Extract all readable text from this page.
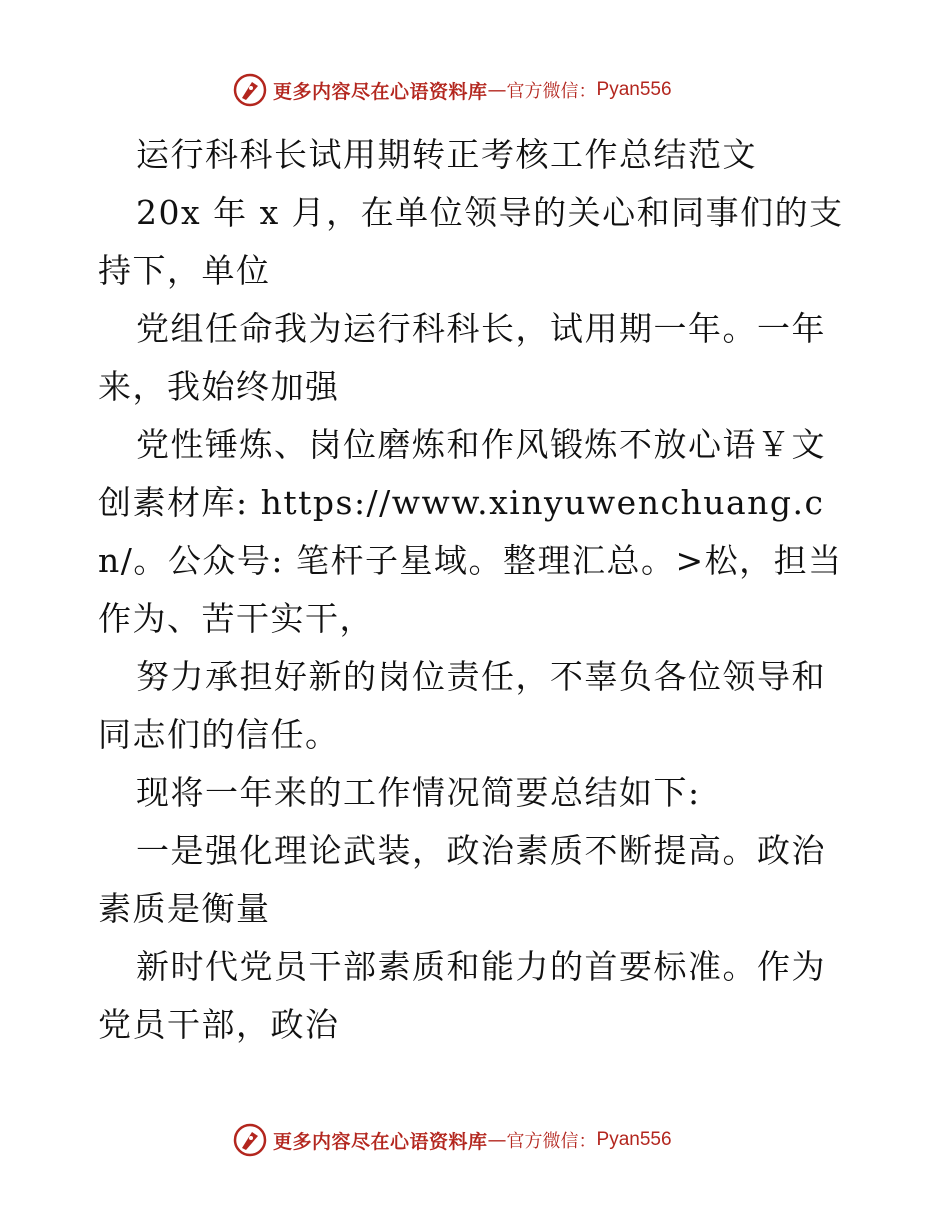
更多内容尽在心语资料库 — 官方微信： Pyan556

运行科科长试用期转正考核工作总结范文

20x 年 x 月，在单位领导的关心和同事们的支持下，单位

党组任命我为运行科科长，试用期一年。一年来，我始终加强

党性锤炼、岗位磨炼和作风锻炼不放心语￥文创素材库: https://www.xinyuwenchuang.cn/。公众号: 笔杆子星域。整理汇总。>松，担当作为、苦干实干，

努力承担好新的岗位责任，不辜负各位领导和同志们的信任。

现将一年来的工作情况简要总结如下:

一是强化理论武装，政治素质不断提高。政治素质是衡量

新时代党员干部素质和能力的首要标准。作为党员干部，政治

更多内容尽在心语资料库 — 官方微信： Pyan556
